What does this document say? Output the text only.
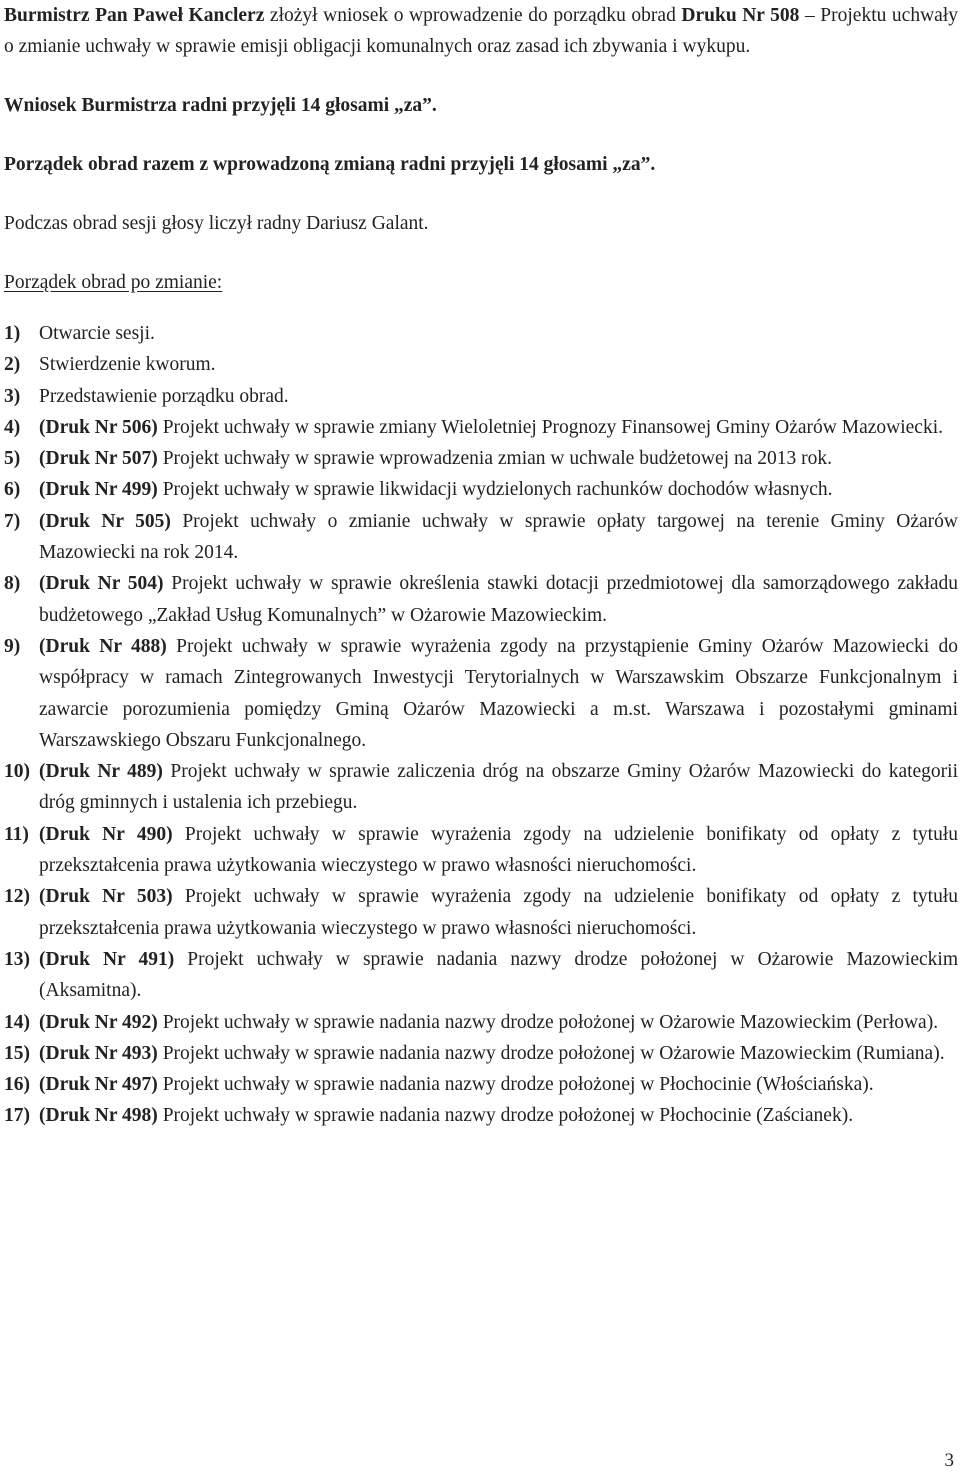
Burmistrz Pan Paweł Kanclerz złożył wniosek o wprowadzenie do porządku obrad Druku Nr 508 – Projektu uchwały o zmianie uchwały w sprawie emisji obligacji komunalnych oraz zasad ich zbywania i wykupu.

Wniosek Burmistrza radni przyjęli 14 głosami „za”.

Porządek obrad razem z wprowadzoną zmianą radni przyjęli 14 głosami „za”.

Podczas obrad sesji głosy liczył radny Dariusz Galant.

Porządek obrad po zmianie:

1) Otwarcie sesji.
2) Stwierdzenie kworum.
3) Przedstawienie porządku obrad.
4) (Druk Nr 506) Projekt uchwały w sprawie zmiany Wieloletniej Prognozy Finansowej Gminy Ożarów Mazowiecki.
5) (Druk Nr 507) Projekt uchwały w sprawie wprowadzenia zmian w uchwale budżetowej na 2013 rok.
6) (Druk Nr 499) Projekt uchwały w sprawie likwidacji wydzielonych rachunków dochodów własnych.
7) (Druk Nr 505) Projekt uchwały o zmianie uchwały w sprawie opłaty targowej na terenie Gminy Ożarów Mazowiecki na rok 2014.
8) (Druk Nr 504) Projekt uchwały w sprawie określenia stawki dotacji przedmiotowej dla samorządowego zakładu budżetowego „Zakład Usług Komunalnych” w Ożarowie Mazowieckim.
9) (Druk Nr 488) Projekt uchwały w sprawie wyrażenia zgody na przystąpienie Gminy Ożarów Mazowiecki do współpracy w ramach Zintegrowanych Inwestycji Terytorialnych w Warszawskim Obszarze Funkcjonalnym i zawarcie porozumienia pomiędzy Gminą Ożarów Mazowiecki a m.st. Warszawa i pozostałymi gminami Warszawskiego Obszaru Funkcjonalnego.
10) (Druk Nr 489) Projekt uchwały w sprawie zaliczenia dróg na obszarze Gminy Ożarów Mazowiecki do kategorii dróg gminnych i ustalenia ich przebiegu.
11) (Druk Nr 490) Projekt uchwały w sprawie wyrażenia zgody na udzielenie bonifikaty od opłaty z tytułu przekształcenia prawa użytkowania wieczystego w prawo własności nieruchomości.
12) (Druk Nr 503) Projekt uchwały w sprawie wyrażenia zgody na udzielenie bonifikaty od opłaty z tytułu przekształcenia prawa użytkowania wieczystego w prawo własności nieruchomości.
13) (Druk Nr 491) Projekt uchwały w sprawie nadania nazwy drodze położonej w Ożarowie Mazowieckim (Aksamitna).
14) (Druk Nr 492) Projekt uchwały w sprawie nadania nazwy drodze położonej w Ożarowie Mazowieckim (Perłowa).
15) (Druk Nr 493) Projekt uchwały w sprawie nadania nazwy drodze położonej w Ożarowie Mazowieckim (Rumiana).
16) (Druk Nr 497) Projekt uchwały w sprawie nadania nazwy drodze położonej w Płochocinie (Włościańska).
17) (Druk Nr 498) Projekt uchwały w sprawie nadania nazwy drodze położonej w Płochocinie (Zaścianek).
3
